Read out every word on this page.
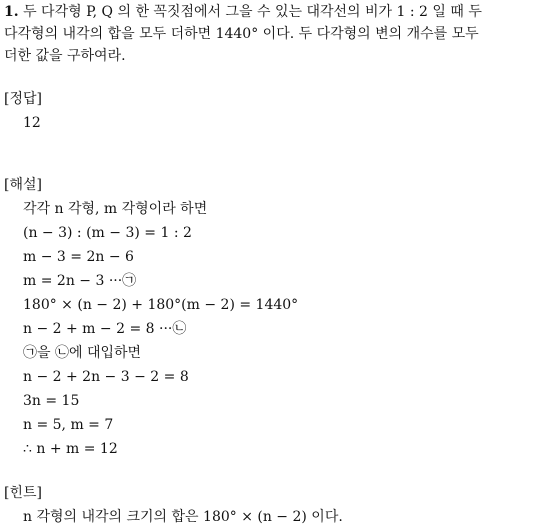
1. 두 다각형 P, Q 의 한 꼭짓점에서 그을 수 있는 대각선의 비가 1 : 2 일 때 두
다각형의 내각의 합을 모두 더하면 1440° 이다. 두 다각형의 변의 개수를 모두
더한 값을 구하여라.
[정답]
12
[해설]
각각 n 각형, m 각형이라 하면
(n − 3) : (m − 3) = 1 : 2
m − 3 = 2n − 6
m = 2n − 3 ···㉠
180° × (n − 2) + 180°(m − 2) = 1440°
n − 2 + m − 2 = 8 ···㉡
㉠을 ㉡에 대입하면
n − 2 + 2n − 3 − 2 = 8
3n = 15
n = 5, m = 7
∴ n + m = 12
[힌트]
n 각형의 내각의 크기의 합은 180° × (n − 2) 이다.
